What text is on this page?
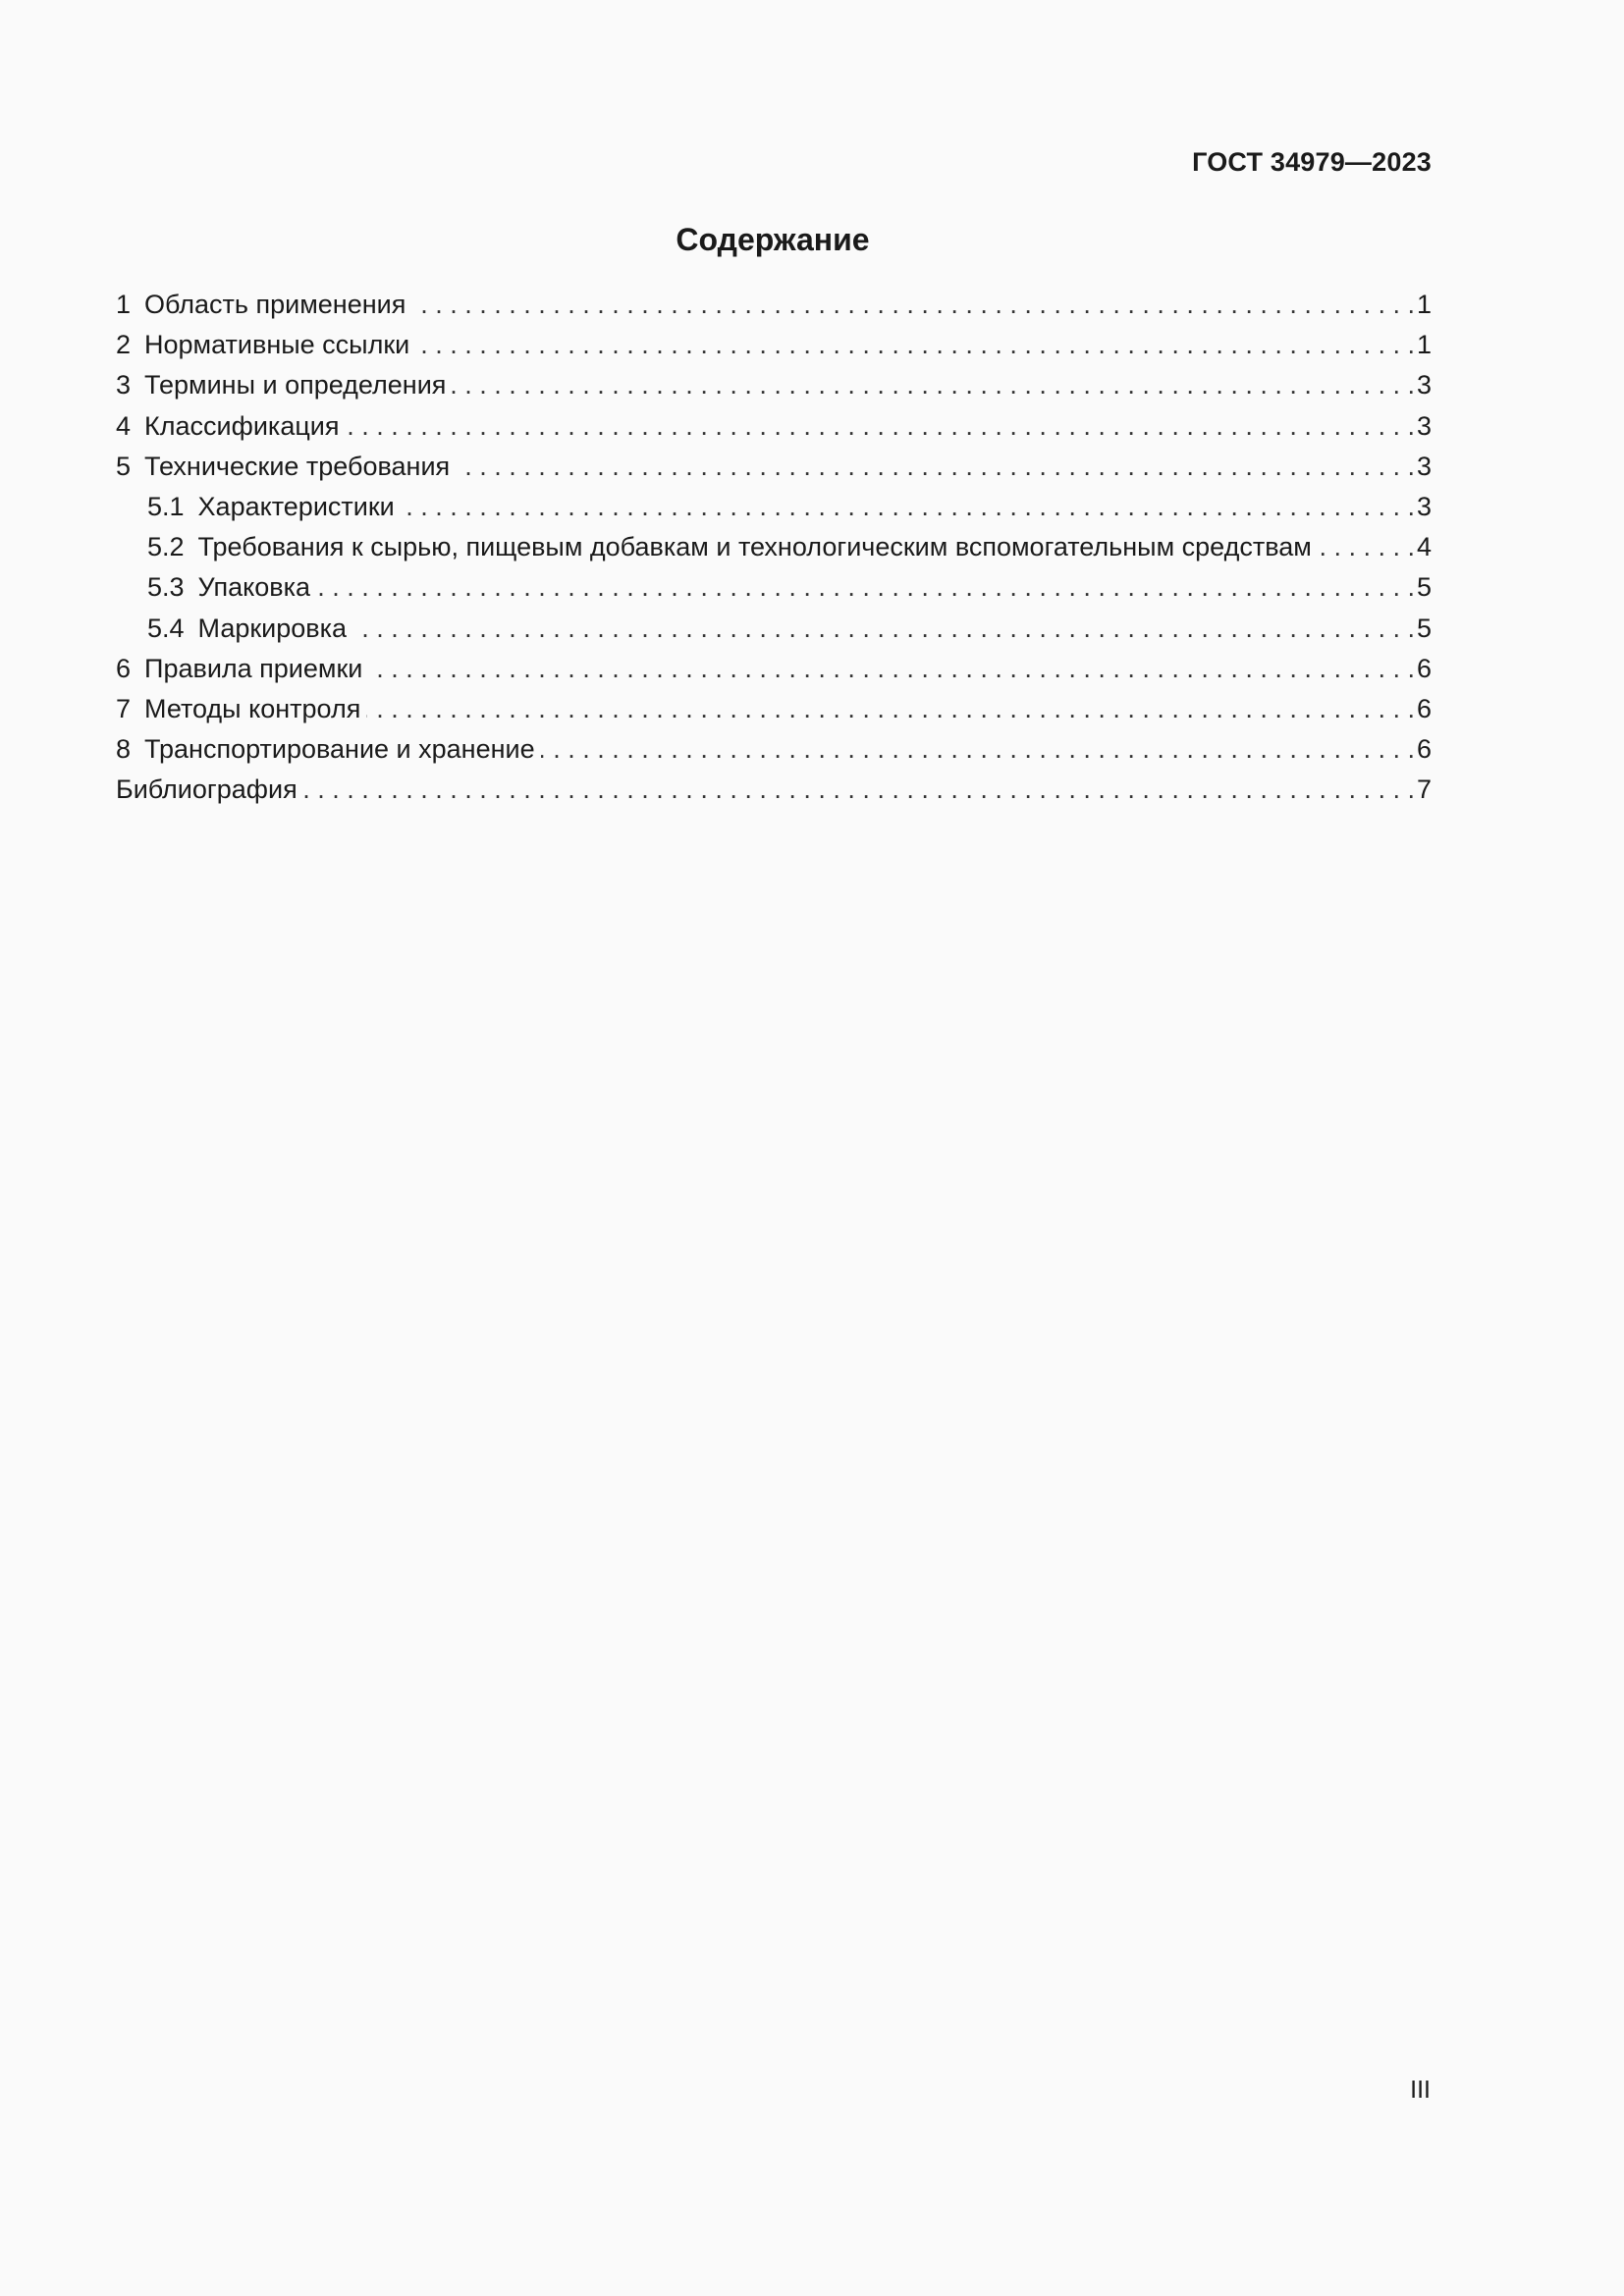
ГОСТ 34979—2023
Содержание
1 Область применения . . .	1
2 Нормативные ссылки . . .	1
3 Термины и определения . . .	3
4 Классификация . . .	3
5 Технические требования . . .	3
5.1 Характеристики . . .	3
5.2 Требования к сырью, пищевым добавкам и технологическим вспомогательным средствам . . .	4
5.3 Упаковка . . .	5
5.4 Маркировка . . .	5
6 Правила приемки . . .	6
7 Методы контроля . . .	6
8 Транспортирование и хранение . . .	6
Библиография . . .	7
III
